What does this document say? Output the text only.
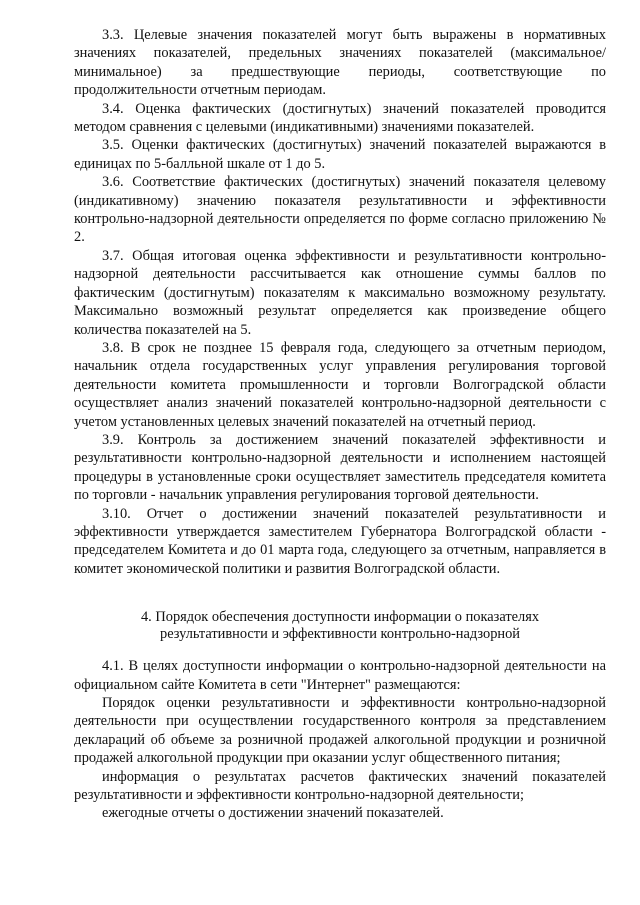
3.3. Целевые значения показателей могут быть выражены в нормативных значениях показателей, предельных значениях показателей (максимальное/минимальное) за предшествующие периоды, соответствующие по продолжительности отчетным периодам.

3.4. Оценка фактических (достигнутых) значений показателей проводится методом сравнения с целевыми (индикативными) значениями показателей.

3.5. Оценки фактических (достигнутых) значений показателей выражаются в единицах по 5-балльной шкале от 1 до 5.

3.6. Соответствие фактических (достигнутых) значений показателя целевому (индикативному) значению показателя результативности и эффективности контрольно-надзорной деятельности определяется по форме согласно приложению № 2.

3.7. Общая итоговая оценка эффективности и результативности контрольно-надзорной деятельности рассчитывается как отношение суммы баллов по фактическим (достигнутым) показателям к максимально возможному результату. Максимально возможный результат определяется как произведение общего количества показателей на 5.

3.8. В срок не позднее 15 февраля года, следующего за отчетным периодом, начальник отдела государственных услуг управления регулирования торговой деятельности комитета промышленности и торговли Волгоградской области осуществляет анализ значений показателей контрольно-надзорной деятельности с учетом установленных целевых значений показателей на отчетный период.

3.9. Контроль за достижением значений показателей эффективности и результативности контрольно-надзорной деятельности и исполнением настоящей процедуры в установленные сроки осуществляет заместитель председателя комитета по торговли - начальник управления регулирования торговой деятельности.

3.10. Отчет о достижении значений показателей результативности и эффективности утверждается заместителем Губернатора Волгоградской области - председателем Комитета и до 01 марта года, следующего за отчетным, направляется в комитет экономической политики и развития Волгоградской области.

4. Порядок обеспечения доступности информации о показателях
результативности и эффективности контрольно-надзорной

4.1. В целях доступности информации о контрольно-надзорной деятельности на официальном сайте Комитета в сети "Интернет" размещаются:

Порядок оценки результативности и эффективности контрольно-надзорной деятельности при осуществлении государственного контроля за представлением деклараций об объеме за розничной продажей алкогольной продукции и розничной продажей алкогольной продукции при оказании услуг общественного питания;

информация о результатах расчетов фактических значений показателей результативности и эффективности контрольно-надзорной деятельности;

ежегодные отчеты о достижении значений показателей.
